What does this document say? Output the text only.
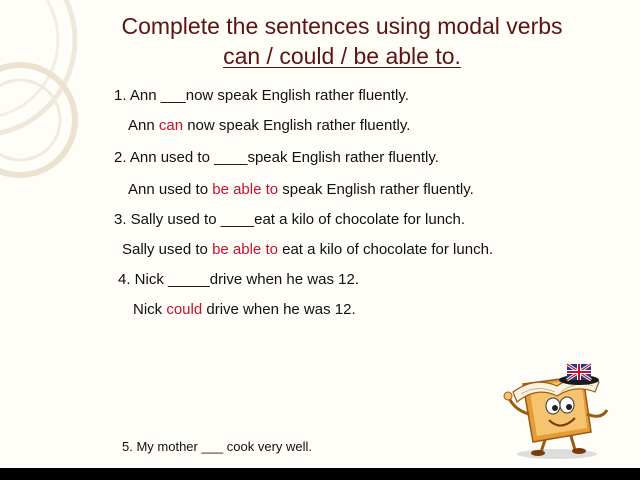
Complete the sentences using modal verbs
can / could / be able to.
1. Ann ___now speak English rather fluently.
Ann can now speak English rather fluently.
2. Ann used to ____speak English rather fluently.
Ann used to be able to speak English rather fluently.
3. Sally used to ____eat a kilo of chocolate for lunch.
Sally used to be able to eat a kilo of chocolate for lunch.
4. Nick _____drive when he was 12.
Nick could drive when he was 12.
5. My mother ___ cook very well.
